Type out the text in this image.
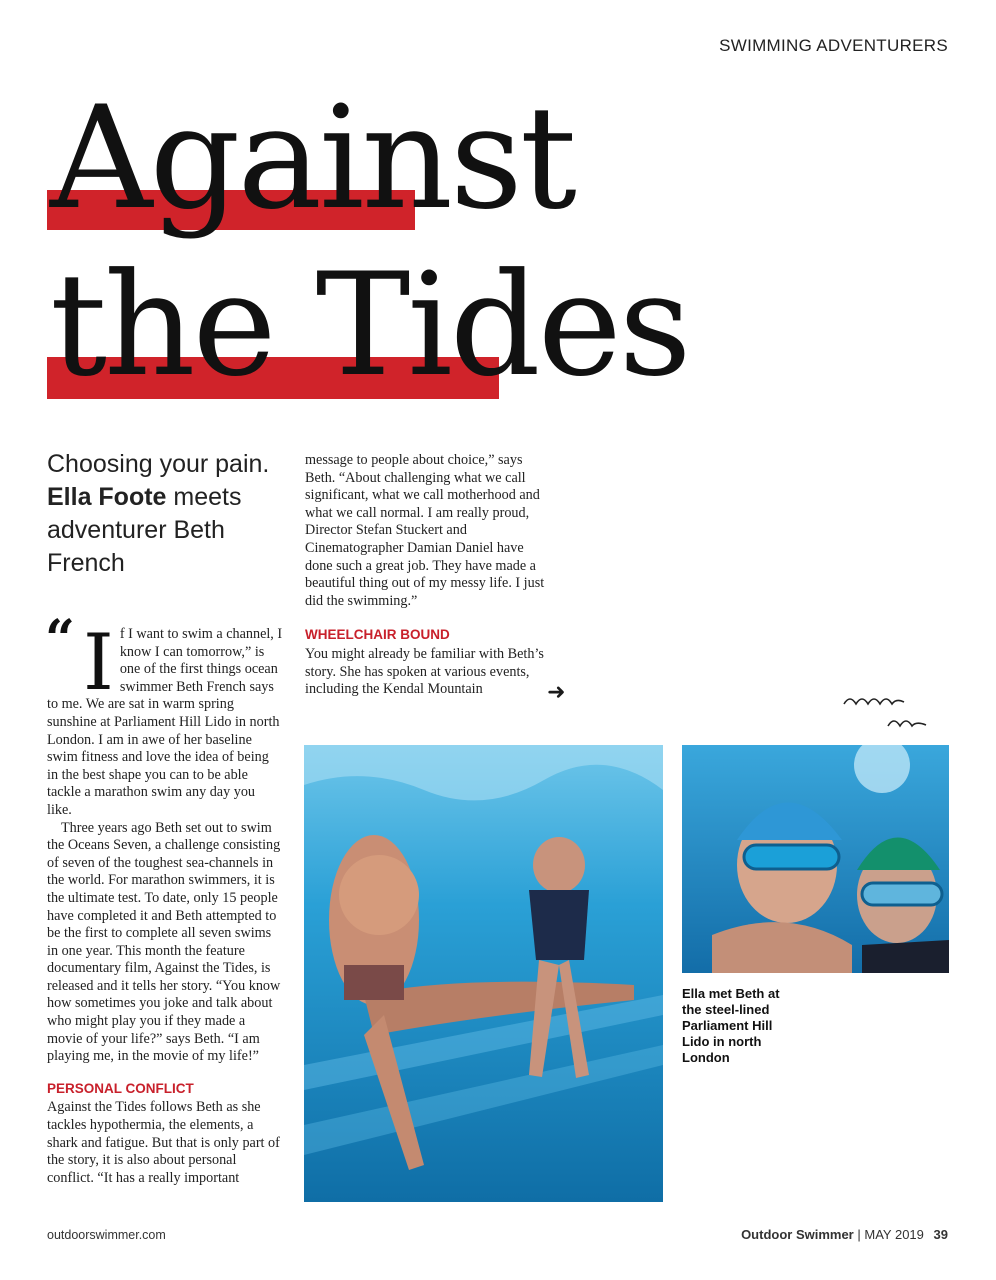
SWIMMING ADVENTURERS
Against
the Tides
Choosing your pain. Ella Foote meets adventurer Beth French
“ I f I want to swim a channel, I know I can tomorrow,” is one of the first things ocean swimmer Beth French says to me. We are sat in warm spring sunshine at Parliament Hill Lido in north London. I am in awe of her baseline swim fitness and love the idea of being in the best shape you can to be able tackle a marathon swim any day you like.

Three years ago Beth set out to swim the Oceans Seven, a challenge consisting of seven of the toughest sea-channels in the world. For marathon swimmers, it is the ultimate test. To date, only 15 people have completed it and Beth attempted to be the first to complete all seven swims in one year. This month the feature documentary film, Against the Tides, is released and it tells her story. “You know how sometimes you joke and talk about who might play you if they made a movie of your life?” says Beth. “I am playing me, in the movie of my life!”

PERSONAL CONFLICT

Against the Tides follows Beth as she tackles hypothermia, the elements, a shark and fatigue. But that is only part of the story, it is also about personal conflict. “It has a really important

message to people about choice,” says Beth. “About challenging what we call significant, what we call motherhood and what we call normal. I am really proud, Director Stefan Stuckert and Cinematographer Damian Daniel have done such a great job. They have made a beautiful thing out of my messy life. I just did the swimming.”

WHEELCHAIR BOUND

You might already be familiar with Beth’s story. She has spoken at various events, including the Kendal Mountain	➜
Ella met Beth at the steel-lined Parliament Hill Lido in north London
outdoorswimmer.com	Outdoor Swimmer | MAY 2019 39
